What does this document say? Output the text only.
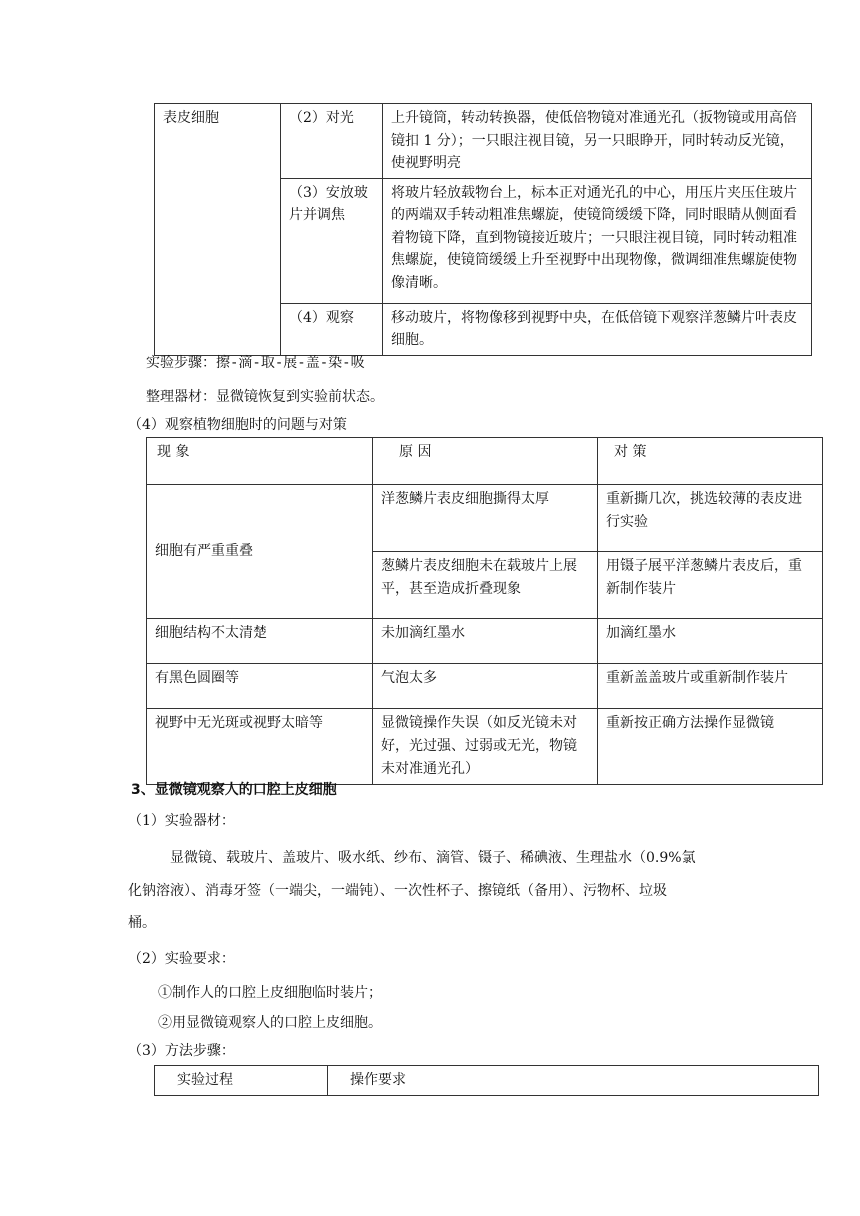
表皮细胞	（2）对光	上升镜筒，转动转换器，使低倍物镜对准通光孔（扳物镜或用高倍镜扣 1 分）；一只眼注视目镜，另一只眼睁开，同时转动反光镜，使视野明亮
	（3）安放玻片并调焦	将玻片轻放载物台上，标本正对通光孔的中心，用压片夹压住玻片的两端双手转动粗准焦螺旋，使镜筒缓缓下降，同时眼睛从侧面看着物镜下降，直到物镜接近玻片；一只眼注视目镜，同时转动粗准焦螺旋，使镜筒缓缓上升至视野中出现物像，微调细准焦螺旋使物像清晰。
	（4）观察	移动玻片，将物像移到视野中央，在低倍镜下观察洋葱鳞片叶表皮细胞。
实验步骤：擦-滴-取-展-盖-染-吸
整理器材：显微镜恢复到实验前状态。
（4）观察植物细胞时的问题与对策
现 象	原 因	对 策
细胞有严重重叠	洋葱鳞片表皮细胞撕得太厚	重新撕几次，挑选较薄的表皮进行实验
	葱鳞片表皮细胞未在载玻片上展平，甚至造成折叠现象	用镊子展平洋葱鳞片表皮后，重新制作装片
细胞结构不太清楚	未加滴红墨水	加滴红墨水
有黑色圆圈等	气泡太多	重新盖盖玻片或重新制作装片
视野中无光斑或视野太暗等	显微镜操作失误（如反光镜未对好，光过强、过弱或无光，物镜未对准通光孔）	重新按正确方法操作显微镜
3、显微镜观察人的口腔上皮细胞
（1）实验器材：
显微镜、载玻片、盖玻片、吸水纸、纱布、滴管、镊子、稀碘液、生理盐水（0.9%氯
化钠溶液）、消毒牙签（一端尖，一端钝）、一次性杯子、擦镜纸（备用）、污物杯、垃圾
桶。
（2）实验要求：
①制作人的口腔上皮细胞临时装片；
②用显微镜观察人的口腔上皮细胞。
（3）方法步骤：
实验过程	操作要求
